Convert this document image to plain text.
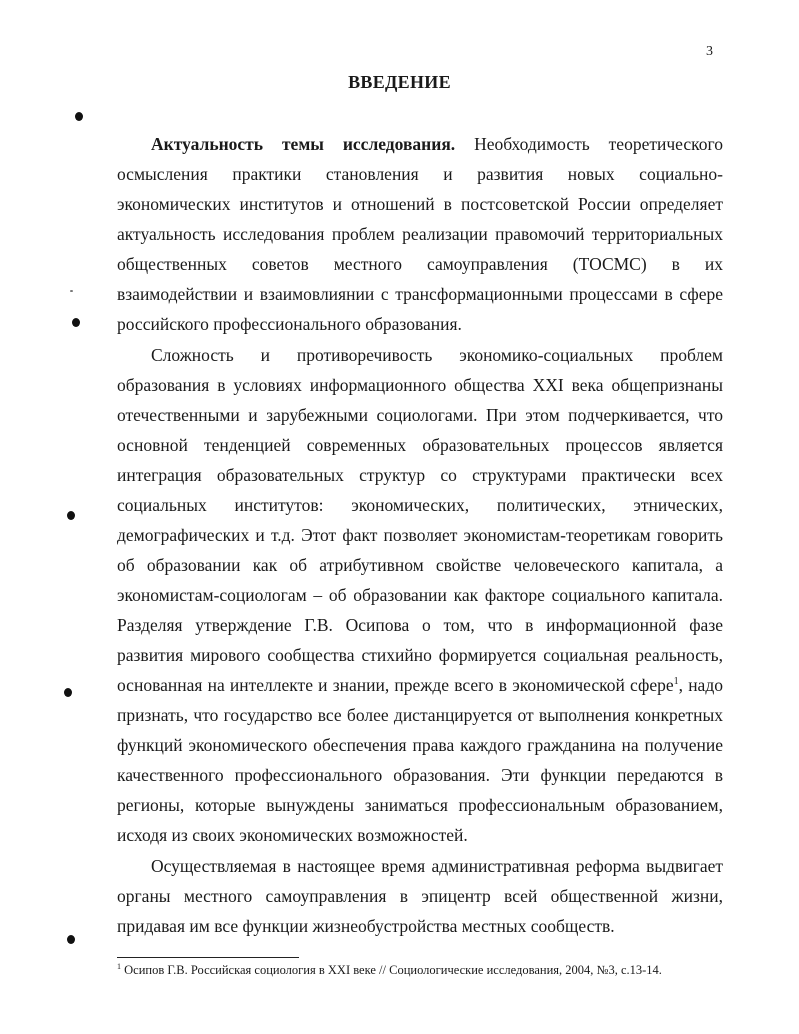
3
ВВЕДЕНИЕ
Актуальность темы исследования. Необходимость теоретического
осмысления практики становления и развития новых социально-
экономических институтов и отношений в постсоветской России определяет
актуальность исследования проблем реализации правомочий территориальных
общественных советов местного самоуправления (ТОСМС) в их
взаимодействии и взаимовлиянии с трансформационными процессами в сфере
российского профессионального образования.
Сложность и противоречивость экономико-социальных проблем
образования в условиях информационного общества XXI века общепризнаны
отечественными и зарубежными социологами. При этом подчеркивается, что
основной тенденцией современных образовательных процессов является
интеграция образовательных структур со структурами практически всех
социальных институтов: экономических, политических, этнических,
демографических и т.д. Этот факт позволяет экономистам-теоретикам говорить
об образовании как об атрибутивном свойстве человеческого капитала, а
экономистам-социологам – об образовании как факторе социального капитала.
Разделяя утверждение Г.В. Осипова о том, что в информационной фазе
развития мирового сообщества стихийно формируется социальная реальность,
основанная на интеллекте и знании, прежде всего в экономической сфере$^1$, надо
признать, что государство все более дистанцируется от выполнения конкретных
функций экономического обеспечения права каждого гражданина на получение
качественного профессионального образования. Эти функции передаются в
регионы, которые вынуждены заниматься профессиональным образованием,
исходя из своих экономических возможностей.
Осуществляемая в настоящее время административная реформа выдвигает
органы местного самоуправления в эпицентр всей общественной жизни,
придавая им все функции жизнеобустройства местных сообществ.
$^1$ Осипов Г.В. Российская социология в XXI веке // Социологические исследования, 2004, №3, с.13-14.
